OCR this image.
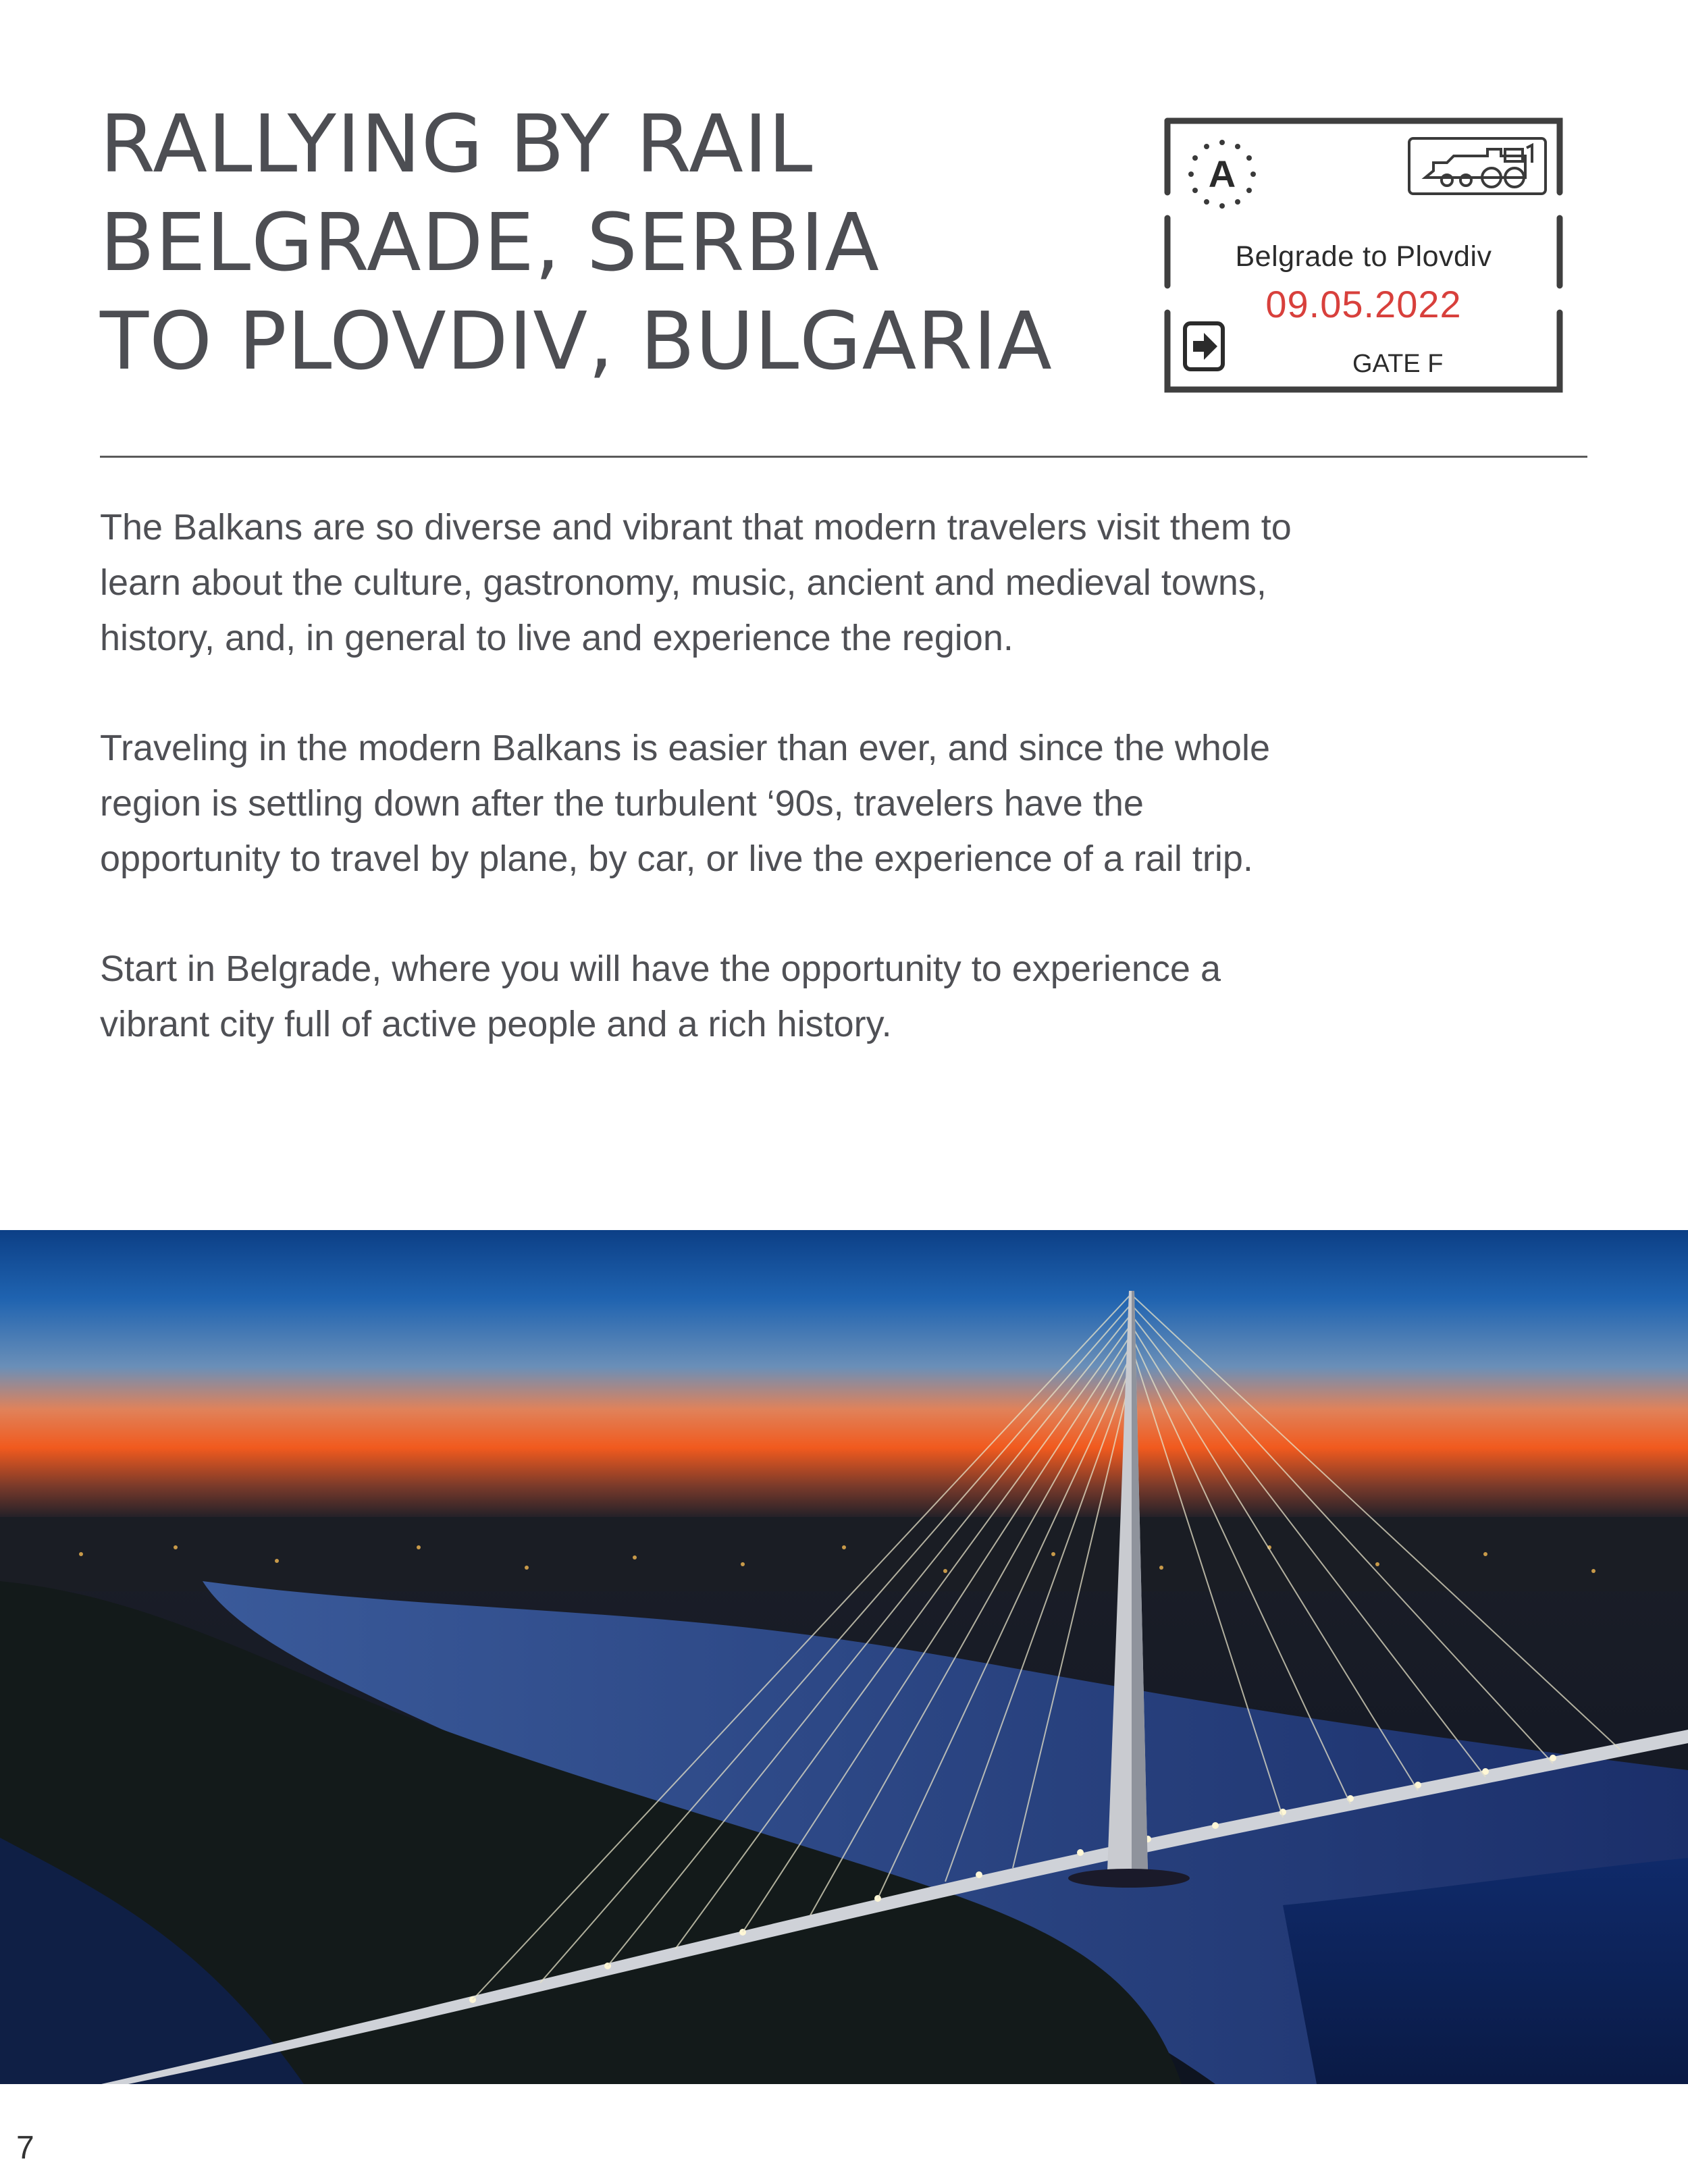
RALLYING BY RAIL
BELGRADE, SERBIA
TO PLOVDIV, BULGARIA
A
Belgrade to Plovdiv
09.05.2022
GATE F

The Balkans are so diverse and vibrant that modern travelers visit them to
learn about the culture, gastronomy, music, ancient and medieval towns,
history, and, in general to live and experience the region.

Traveling in the modern Balkans is easier than ever, and since the whole
region is settling down after the turbulent ‘90s, travelers have the
opportunity to travel by plane, by car, or live the experience of a rail trip.

Start in Belgrade, where you will have the opportunity to experience a
vibrant city full of active people and a rich history.

7
